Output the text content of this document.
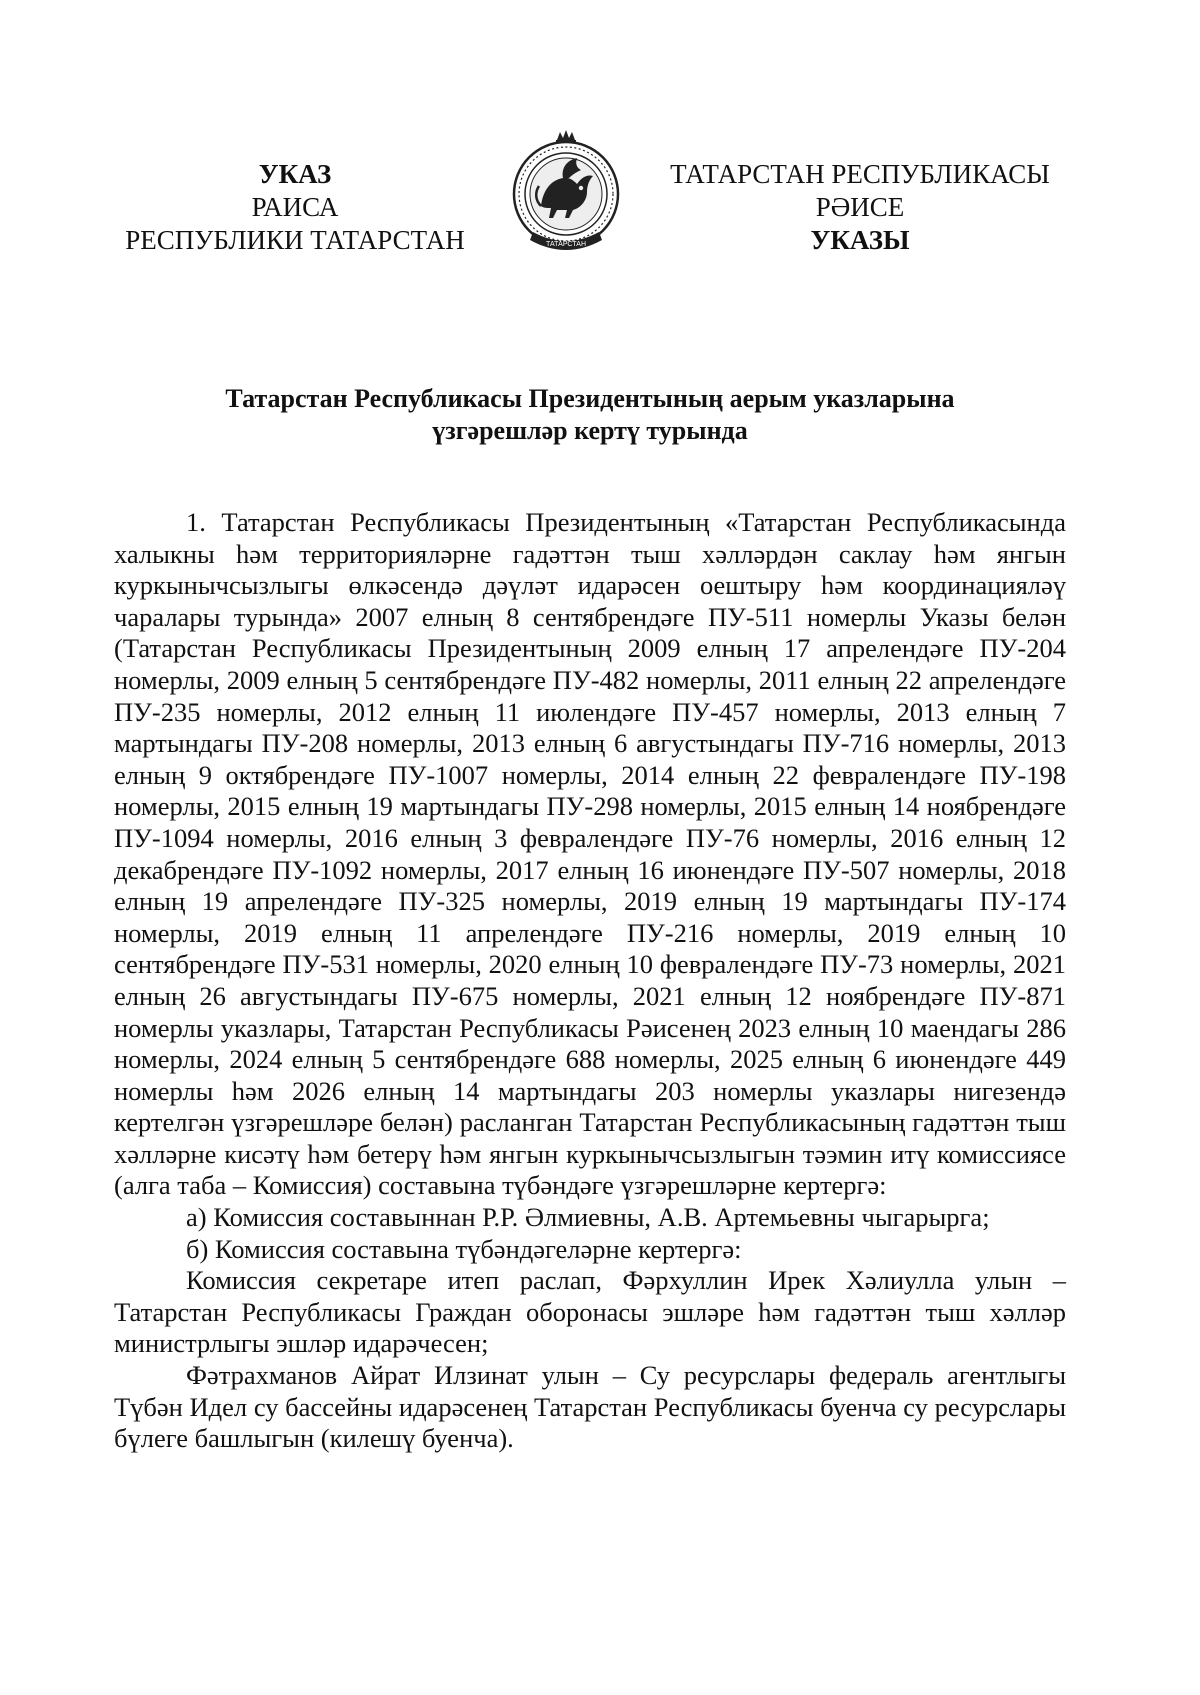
УКАЗ
РАИСА
РЕСПУБЛИКИ ТАТАРСТАН	ТАТАРСТАН
ТАТАРСТАН РЕСПУБЛИКАСЫ
РӘИСЕ
УКАЗЫ
Татарстан Республикасы Президентының аерым указларына
үзгәрешләр кертү турында

1. Татарстан Республикасы Президентының «Татарстан Республикасында халыкны һәм территорияләрне гадәттән тыш хәлләрдән саклау һәм янгын куркынычсызлыгы өлкәсендә дәүләт идарәсен оештыру һәм координацияләү чаралары турында» 2007 елның 8 сентябрендәге ПУ-511 номерлы Указы белән (Татарстан Республикасы Президентының 2009 елның 17 апрелендәге ПУ-204 номерлы, 2009 елның 5 сентябрендәге ПУ-482 номерлы, 2011 елның 22 апрелендәге ПУ-235 номерлы, 2012 елның 11 июлендәге ПУ-457 номерлы, 2013 елның 7 мартындагы ПУ-208 номерлы, 2013 елның 6 августындагы ПУ-716 номерлы, 2013 елның 9 октябрендәге ПУ-1007 номерлы, 2014 елның 22 февралендәге ПУ-198 номерлы, 2015 елның 19 мартындагы ПУ-298 номерлы, 2015 елның 14 ноябрендәге ПУ-1094 номерлы, 2016 елның 3 февралендәге ПУ-76 номерлы, 2016 елның 12 декабрендәге ПУ-1092 номерлы, 2017 елның 16 июнендәге ПУ-507 номерлы, 2018 елның 19 апрелендәге ПУ-325 номерлы, 2019 елның 19 мартындагы ПУ-174 номерлы, 2019 елның 11 апрелендәге ПУ-216 номерлы, 2019 елның 10 сентябрендәге ПУ-531 номерлы, 2020 елның 10 февралендәге ПУ-73 номерлы, 2021 елның 26 августындагы ПУ-675 номерлы, 2021 елның 12 ноябрендәге ПУ-871 номерлы указлары, Татарстан Республикасы Рәисенең 2023 елның 10 маендагы 286 номерлы, 2024 елның 5 сентябрендәге 688 номерлы, 2025 елның 6 июнендәге 449 номерлы һәм 2026 елның 14 мартындагы 203 номерлы указлары нигезендә кертелгән үзгәрешләре белән) расланган Татарстан Республикасының гадәттән тыш хәлләрне кисәтү һәм бетерү һәм янгын куркынычсызлыгын тәэмин итү комиссиясе (алга таба – Комиссия) составына түбәндәге үзгәрешләрне кертергә:

а) Комиссия составыннан Р.Р. Әлмиевны, А.В. Артемьевны чыгарырга;

б) Комиссия составына түбәндәгеләрне кертергә:

Комиссия секретаре итеп раслап, Фәрхуллин Ирек Хәлиулла улын – Татарстан Республикасы Граждан оборонасы эшләре һәм гадәттән тыш хәлләр министрлыгы эшләр идарәчесен;

Фәтрахманов Айрат Илзинат улын – Су ресурслары федераль агентлыгы Түбән Идел су бассейны идарәсенең Татарстан Республикасы буенча су ресурслары бүлеге башлыгын (килешү буенча).
